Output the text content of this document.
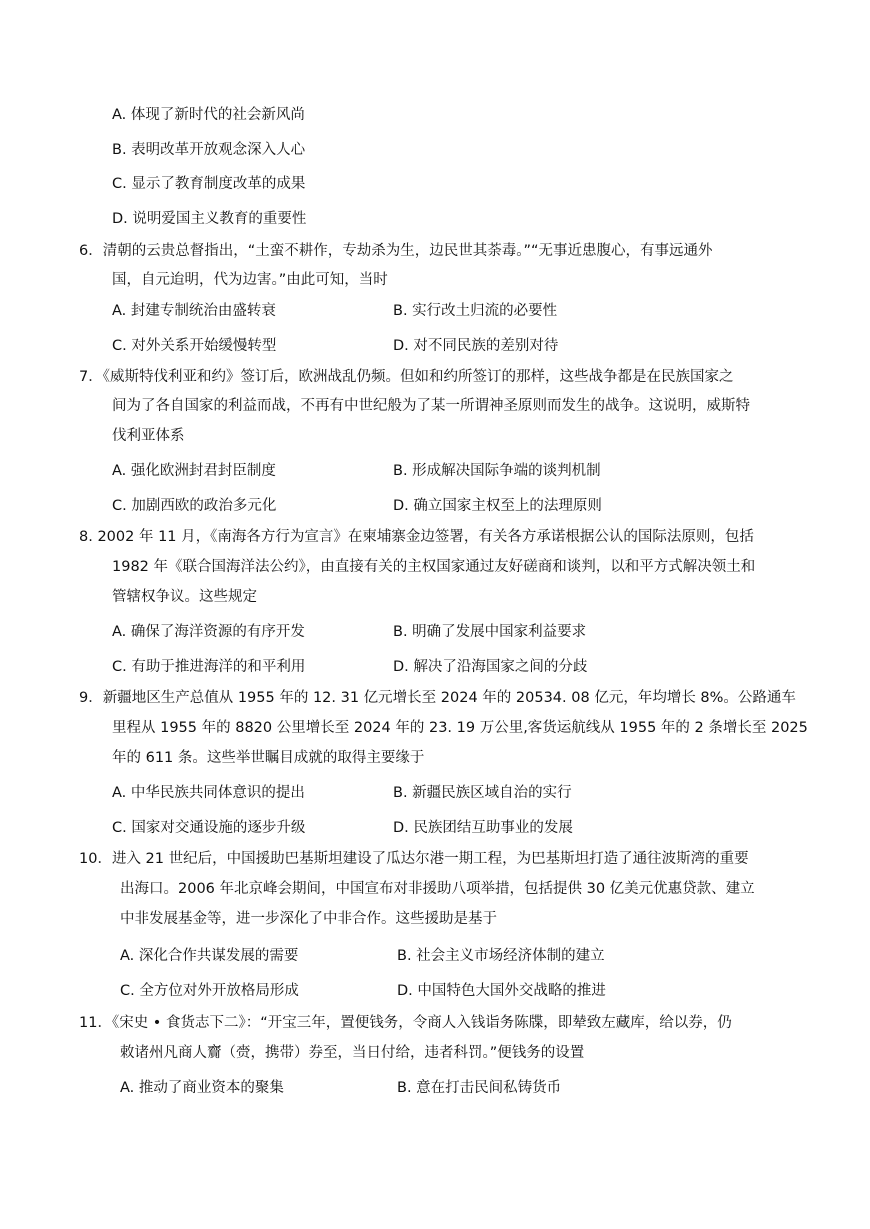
A. 体现了新时代的社会新风尚
B. 表明改革开放观念深入人心
C. 显示了教育制度改革的成果
D. 说明爱国主义教育的重要性
6．清朝的云贵总督指出，“土蛮不耕作，专劫杀为生，边民世其荼毒。”“无事近患腹心，有事远通外
国，自元迨明，代为边害。”由此可知，当时
A. 封建专制统治由盛转衰	B. 实行改土归流的必要性
C. 对外关系开始缓慢转型	D. 对不同民族的差别对待
7．《威斯特伐利亚和约》签订后，欧洲战乱仍频。但如和约所签订的那样，这些战争都是在民族国家之
间为了各自国家的利益而战，不再有中世纪般为了某一所谓神圣原则而发生的战争。这说明，威斯特
伐利亚体系
A. 强化欧洲封君封臣制度	B. 形成解决国际争端的谈判机制
C. 加剧西欧的政治多元化	D. 确立国家主权至上的法理原则
8. 2002 年 11 月，《南海各方行为宣言》在柬埔寨金边签署，有关各方承诺根据公认的国际法原则，包括
1982 年《联合国海洋法公约》，由直接有关的主权国家通过友好磋商和谈判，以和平方式解决领土和
管辖权争议。这些规定
A. 确保了海洋资源的有序开发	B. 明确了发展中国家利益要求
C. 有助于推进海洋的和平利用	D. 解决了沿海国家之间的分歧
9．新疆地区生产总值从 1955 年的 12. 31 亿元增长至 2024 年的 20534. 08 亿元，年均增长 8%。公路通车
里程从 1955 年的 8820 公里增长至 2024 年的 23. 19 万公里,客货运航线从 1955 年的 2 条增长至 2025
年的 611 条。这些举世瞩目成就的取得主要缘于
A. 中华民族共同体意识的提出	B. 新疆民族区域自治的实行
C. 国家对交通设施的逐步升级	D. 民族团结互助事业的发展
10．进入 21 世纪后，中国援助巴基斯坦建设了瓜达尔港一期工程，为巴基斯坦打造了通往波斯湾的重要
出海口。2006 年北京峰会期间，中国宣布对非援助八项举措，包括提供 30 亿美元优惠贷款、建立
中非发展基金等，进一步深化了中非合作。这些援助是基于
A. 深化合作共谋发展的需要	B. 社会主义市场经济体制的建立
C. 全方位对外开放格局形成	D. 中国特色大国外交战略的推进
11．《宋史 • 食货志下二》：“开宝三年，置便钱务，令商人入钱诣务陈牒，即辇致左藏库，给以券，仍
敕诸州凡商人齎（赍，携带）券至，当日付给，违者科罚。”便钱务的设置
A. 推动了商业资本的聚集	B. 意在打击民间私铸货币
